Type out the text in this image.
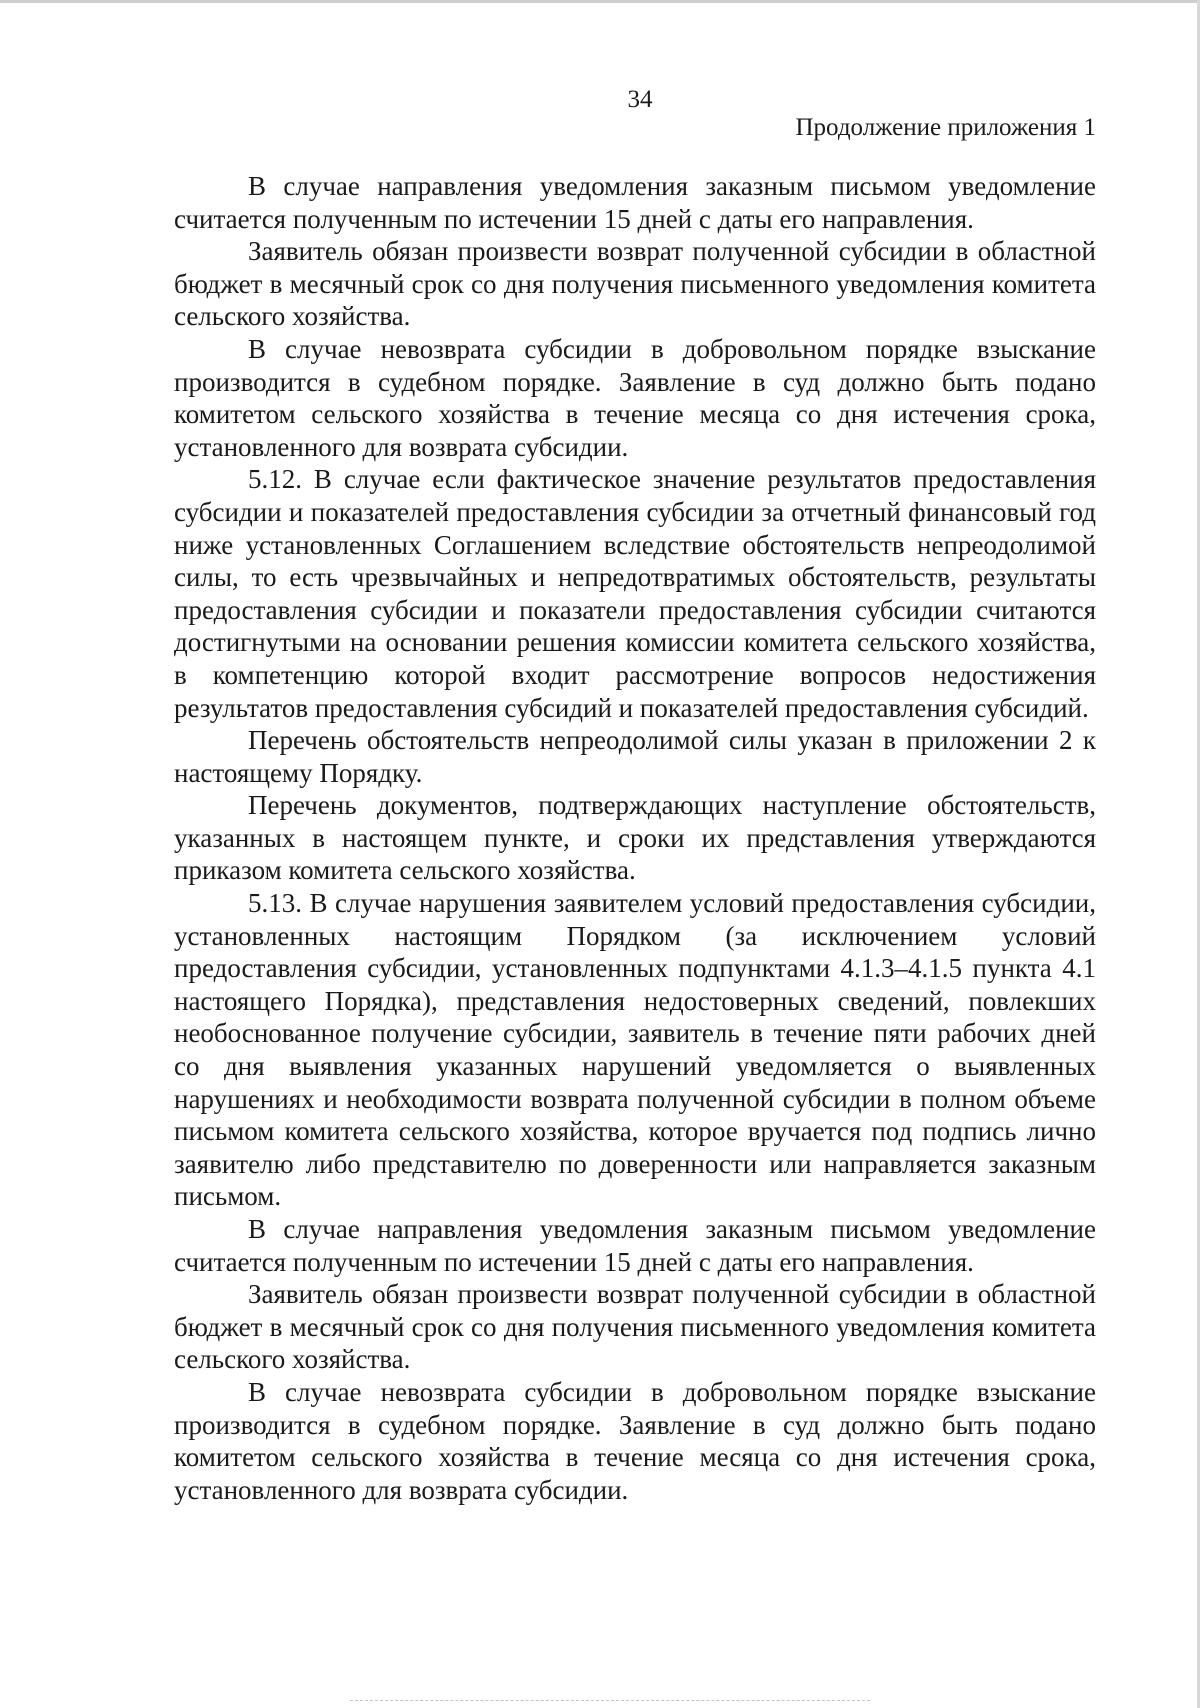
34
Продолжение приложения 1

В случае направления уведомления заказным письмом уведомление считается полученным по истечении 15 дней с даты его направления.

Заявитель обязан произвести возврат полученной субсидии в областной бюджет в месячный срок со дня получения письменного уведомления комитета сельского хозяйства.

В случае невозврата субсидии в добровольном порядке взыскание производится в судебном порядке. Заявление в суд должно быть подано комитетом сельского хозяйства в течение месяца со дня истечения срока, установленного для возврата субсидии.

5.12. В случае если фактическое значение результатов предоставления субсидии и показателей предоставления субсидии за отчетный финансовый год ниже установленных Соглашением вследствие обстоятельств непреодолимой силы, то есть чрезвычайных и непредотвратимых обстоятельств, результаты предоставления субсидии и показатели предоставления субсидии считаются достигнутыми на основании решения комиссии комитета сельского хозяйства, в компетенцию которой входит рассмотрение вопросов недостижения результатов предоставления субсидий и показателей предоставления субсидий.

Перечень обстоятельств непреодолимой силы указан в приложении 2 к настоящему Порядку.

Перечень документов, подтверждающих наступление обстоятельств, указанных в настоящем пункте, и сроки их представления утверждаются приказом комитета сельского хозяйства.

5.13. В случае нарушения заявителем условий предоставления субсидии, установленных настоящим Порядком (за исключением условий предоставления субсидии, установленных подпунктами 4.1.3–4.1.5 пункта 4.1 настоящего Порядка), представления недостоверных сведений, повлекших необоснованное получение субсидии, заявитель в течение пяти рабочих дней со дня выявления указанных нарушений уведомляется о выявленных нарушениях и необходимости возврата полученной субсидии в полном объеме письмом комитета сельского хозяйства, которое вручается под подпись лично заявителю либо представителю по доверенности или направляется заказным письмом.

В случае направления уведомления заказным письмом уведомление считается полученным по истечении 15 дней с даты его направления.

Заявитель обязан произвести возврат полученной субсидии в областной бюджет в месячный срок со дня получения письменного уведомления комитета сельского хозяйства.

В случае невозврата субсидии в добровольном порядке взыскание производится в судебном порядке. Заявление в суд должно быть подано комитетом сельского хозяйства в течение месяца со дня истечения срока, установленного для возврата субсидии.
